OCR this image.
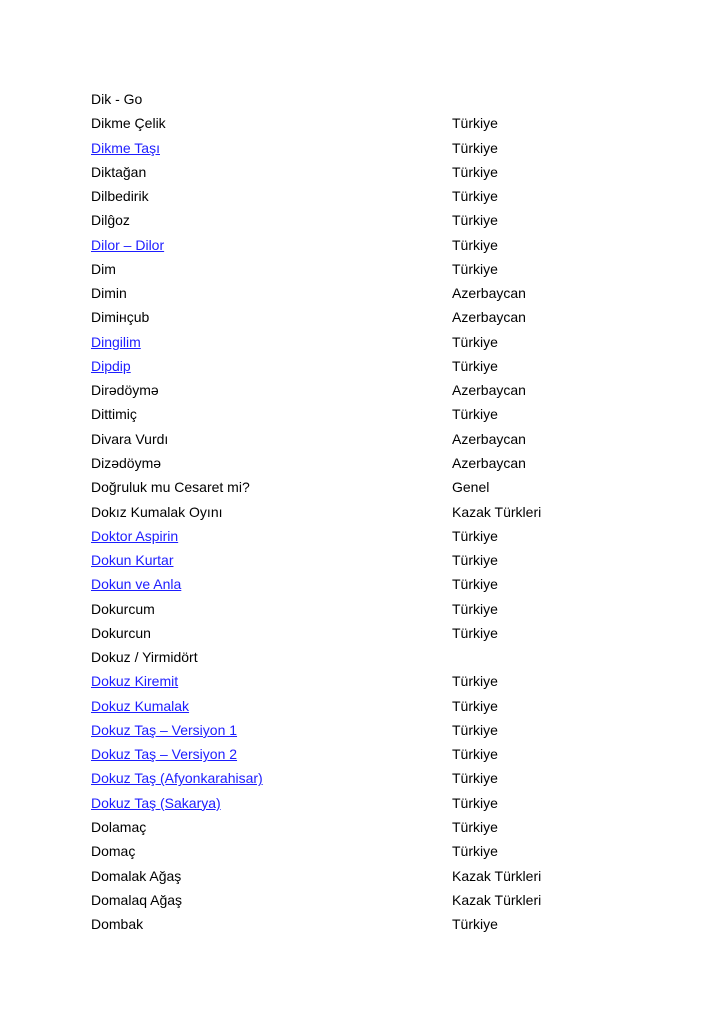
Dik - Go
Dikme Çelik	Türkiye
Dikme Taşı	Türkiye
Diktağan	Türkiye
Dilbedirik	Türkiye
Dilĝoz	Türkiye
Dilor – Dilor	Türkiye
Dim	Türkiye
Dimin	Azerbaycan
Dimінçub	Azerbaycan
Dingilim	Türkiye
Dipdip	Türkiye
Dirədöymə	Azerbaycan
Dittimiç	Türkiye
Divara Vurdı	Azerbaycan
Dizədöymə	Azerbaycan
Doğruluk mu Cesaret mi?	Genel
Dokız Kumalak Oyını	Kazak Türkleri
Doktor Aspirin	Türkiye
Dokun Kurtar	Türkiye
Dokun ve Anla	Türkiye
Dokurcum	Türkiye
Dokurcun	Türkiye
Dokuz / Yirmidört
Dokuz Kiremit	Türkiye
Dokuz Kumalak	Türkiye
Dokuz Taş – Versiyon 1	Türkiye
Dokuz Taş – Versiyon 2	Türkiye
Dokuz Taş (Afyonkarahisar)	Türkiye
Dokuz Taş (Sakarya)	Türkiye
Dolamaç	Türkiye
Domaç	Türkiye
Domalak Ağaş	Kazak Türkleri
Domalaq Ağaş	Kazak Türkleri
Dombak	Türkiye
